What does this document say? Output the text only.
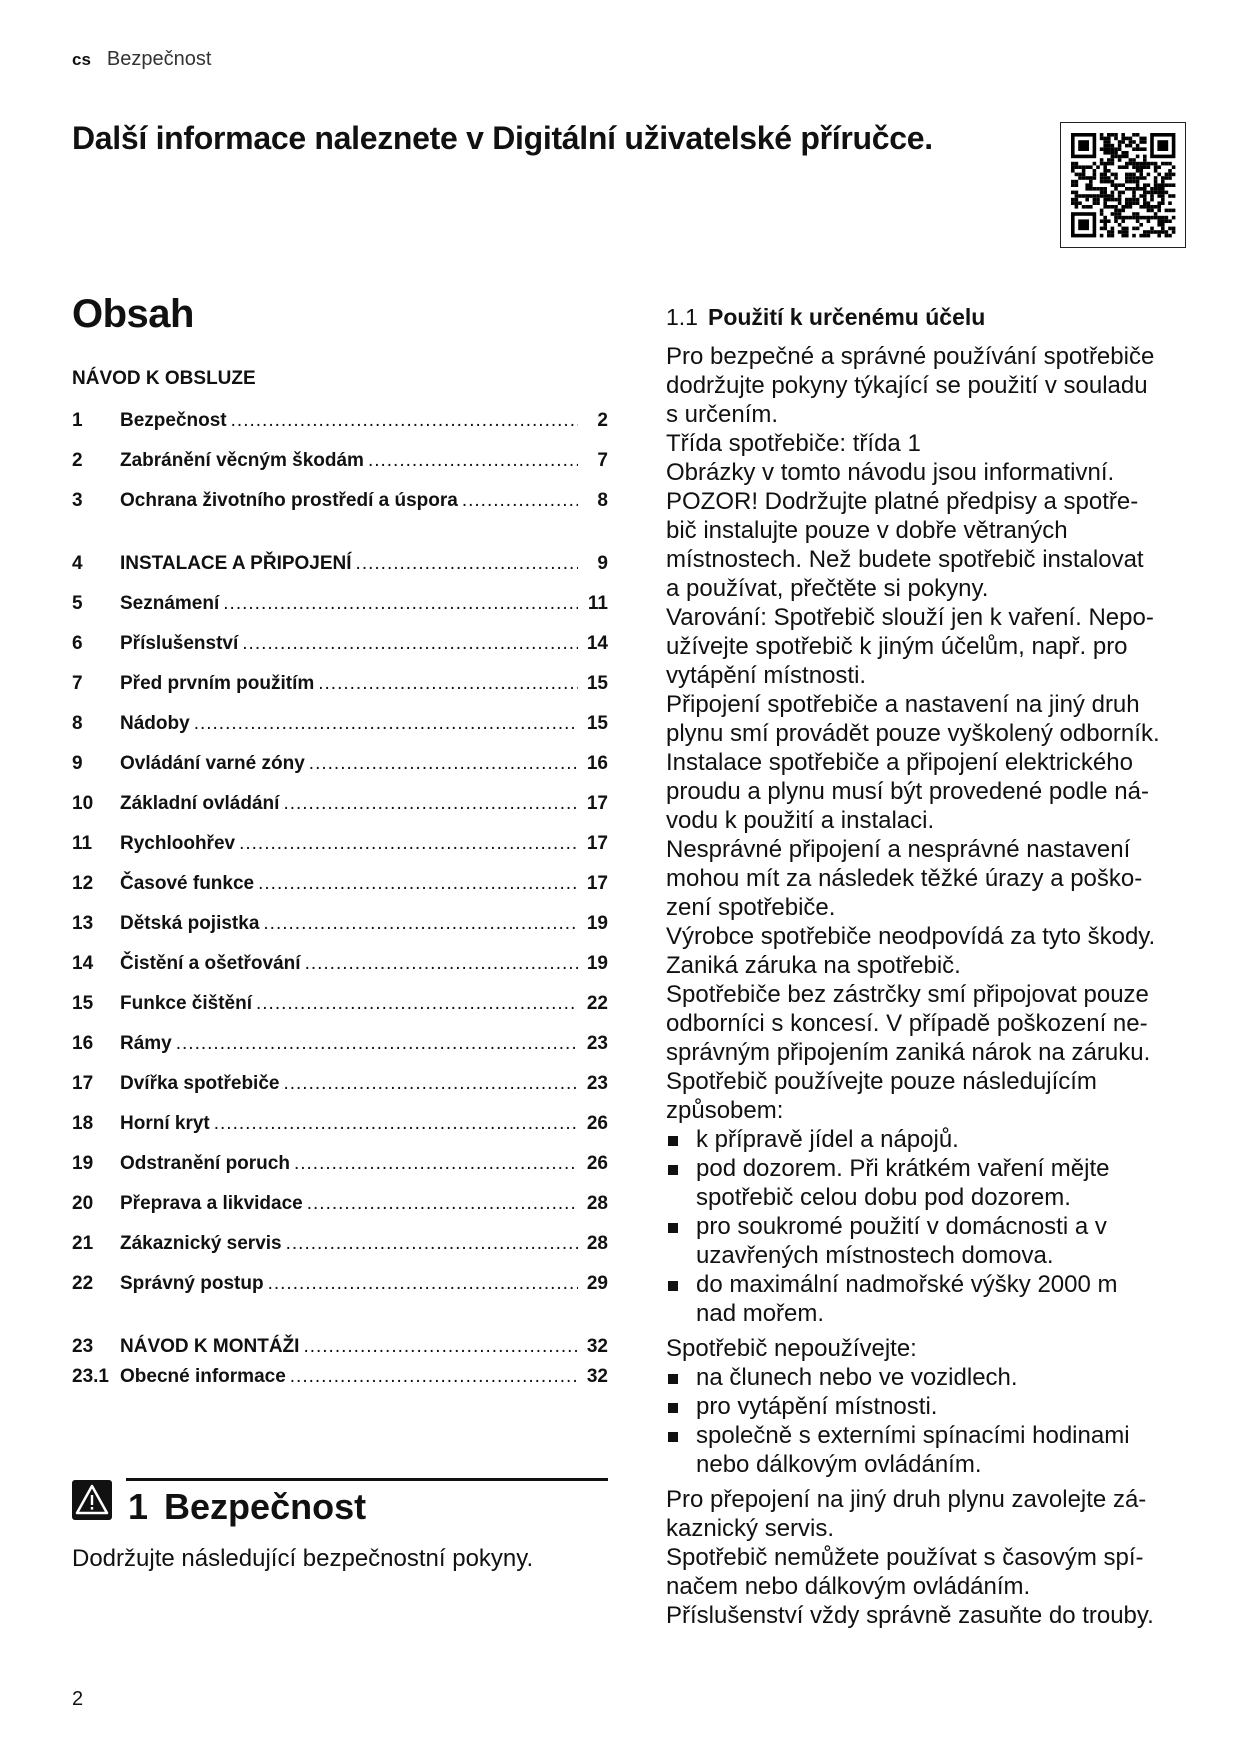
cs Bezpečnost
Další informace naleznete v Digitální uživatelské příručce.
Obsah
NÁVOD K OBSLUZE
1	Bezpečnost .....	2
2	Zabránění věcným škodám .....	7
3	Ochrana životního prostředí a úspora .....	8
4	INSTALACE A PŘIPOJENÍ .....	9
5	Seznámení .....	11
6	Příslušenství .....	14
7	Před prvním použitím .....	15
8	Nádoby .....	15
9	Ovládání varné zóny .....	16
10	Základní ovládání .....	17
11	Rychloohřev .....	17
12	Časové funkce .....	17
13	Dětská pojistka .....	19
14	Čistění a ošetřování .....	19
15	Funkce čištění .....	22
16	Rámy .....	23
17	Dvířka spotřebiče .....	23
18	Horní kryt .....	26
19	Odstranění poruch .....	26
20	Přeprava a likvidace .....	28
21	Zákaznický servis .....	28
22	Správný postup .....	29
23	NÁVOD K MONTÁŽI .....	32
23.1 Obecné informace .....	32
1 Bezpečnost
Dodržujte následující bezpečnostní pokyny.
1.1 Použití k určenému účelu
Pro bezpečné a správné používání spotřebiče
dodržujte pokyny týkající se použití v souladu
s určením.
Třída spotřebiče: třída 1
Obrázky v tomto návodu jsou informativní.
POZOR! Dodržujte platné předpisy a spotře-
bič instalujte pouze v dobře větraných
místnostech. Než budete spotřebič instalovat
a používat, přečtěte si pokyny.
Varování: Spotřebič slouží jen k vaření. Nepo-
užívejte spotřebič k jiným účelům, např. pro
vytápění místnosti.
Připojení spotřebiče a nastavení na jiný druh
plynu smí provádět pouze vyškolený odborník.
Instalace spotřebiče a připojení elektrického
proudu a plynu musí být provedené podle ná-
vodu k použití a instalaci.
Nesprávné připojení a nesprávné nastavení
mohou mít za následek těžké úrazy a poško-
zení spotřebiče.
Výrobce spotřebiče neodpovídá za tyto škody.
Zaniká záruka na spotřebič.
Spotřebiče bez zástrčky smí připojovat pouze
odborníci s koncesí. V případě poškození ne-
správným připojením zaniká nárok na záruku.
Spotřebič používejte pouze následujícím
způsobem:
k přípravě jídel a nápojů.
pod dozorem. Při krátkém vaření mějte
spotřebič celou dobu pod dozorem.
pro soukromé použití v domácnosti a v
uzavřených místnostech domova.
do maximální nadmořské výšky 2000 m
nad mořem.
Spotřebič nepoužívejte:
na člunech nebo ve vozidlech.
pro vytápění místnosti.
společně s externími spínacími hodinami
nebo dálkovým ovládáním.
Pro přepojení na jiný druh plynu zavolejte zá-
kaznický servis.
Spotřebič nemůžete používat s časovým spí-
načem nebo dálkovým ovládáním.
Příslušenství vždy správně zasuňte do trouby.
2
